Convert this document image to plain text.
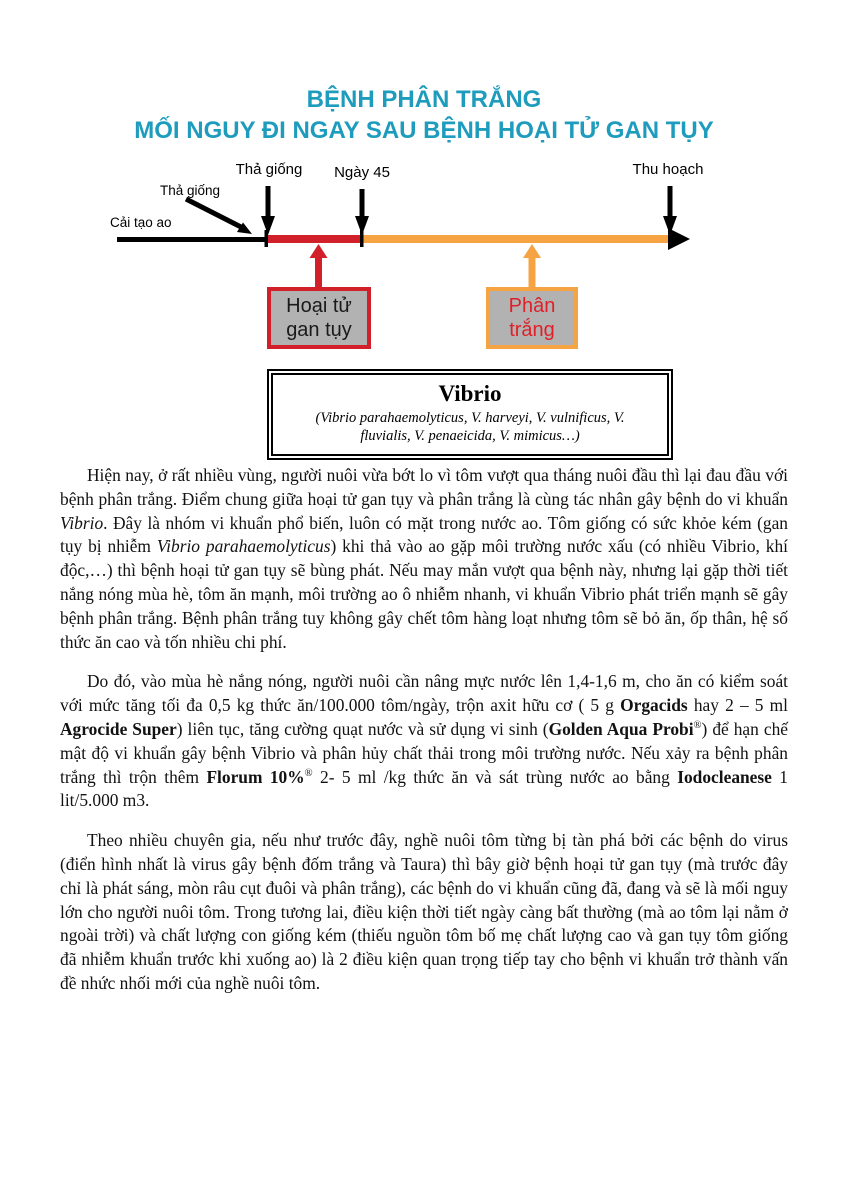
BỆNH PHÂN TRẮNG
MỐI NGUY ĐI NGAY SAU BỆNH HOẠI TỬ GAN TỤY
Thả giống	Ngày 45	Thu hoạch
Thả giống
Cải tạo ao
Hoại tử gan tụy
Phân trắng
Vibrio
(Vibrio parahaemolyticus, V. harveyi, V. vulnificus, V. fluvialis, V. penaeicida, V. mimicus…)

Hiện nay, ở rất nhiều vùng, người nuôi vừa bớt lo vì tôm vượt qua tháng nuôi đầu thì lại đau đầu với bệnh phân trắng. Điểm chung giữa hoại tử gan tụy và phân trắng là cùng tác nhân gây bệnh do vi khuẩn Vibrio. Đây là nhóm vi khuẩn phổ biến, luôn có mặt trong nước ao. Tôm giống có sức khỏe kém (gan tụy bị nhiễm Vibrio parahaemolyticus) khi thả vào ao gặp môi trường nước xấu (có nhiều Vibrio, khí độc,…) thì bệnh hoại tử gan tụy sẽ bùng phát. Nếu may mắn vượt qua bệnh này, nhưng lại gặp thời tiết nắng nóng mùa hè, tôm ăn mạnh, môi trường ao ô nhiễm nhanh, vi khuẩn Vibrio phát triển mạnh sẽ gây bệnh phân trắng. Bệnh phân trắng tuy không gây chết tôm hàng loạt nhưng tôm sẽ bỏ ăn, ốp thân, hệ số thức ăn cao và tốn nhiều chi phí.

Do đó, vào mùa hè nắng nóng, người nuôi cần nâng mực nước lên 1,4-1,6 m, cho ăn có kiểm soát với mức tăng tối đa 0,5 kg thức ăn/100.000 tôm/ngày, trộn axit hữu cơ ( 5 g Orgacids hay 2 – 5 ml Agrocide Super) liên tục, tăng cường quạt nước và sử dụng vi sinh (Golden Aqua Probi®) để hạn chế mật độ vi khuẩn gây bệnh Vibrio và phân hủy chất thải trong môi trường nước. Nếu xảy ra bệnh phân trắng thì trộn thêm Florum 10%® 2- 5 ml /kg thức ăn và sát trùng nước ao bằng Iodocleanese 1 lit/5.000 m3.

Theo nhiều chuyên gia, nếu như trước đây, nghề nuôi tôm từng bị tàn phá bởi các bệnh do virus (điển hình nhất là virus gây bệnh đốm trắng và Taura) thì bây giờ bệnh hoại tử gan tụy (mà trước đây chỉ là phát sáng, mòn râu cụt đuôi và phân trắng), các bệnh do vi khuẩn cũng đã, đang và sẽ là mối nguy lớn cho người nuôi tôm. Trong tương lai, điều kiện thời tiết ngày càng bất thường (mà ao tôm lại nằm ở ngoài trời) và chất lượng con giống kém (thiếu nguồn tôm bố mẹ chất lượng cao và gan tụy tôm giống đã nhiễm khuẩn trước khi xuống ao) là 2 điều kiện quan trọng tiếp tay cho bệnh vi khuẩn trở thành vấn đề nhức nhối mới của nghề nuôi tôm.
